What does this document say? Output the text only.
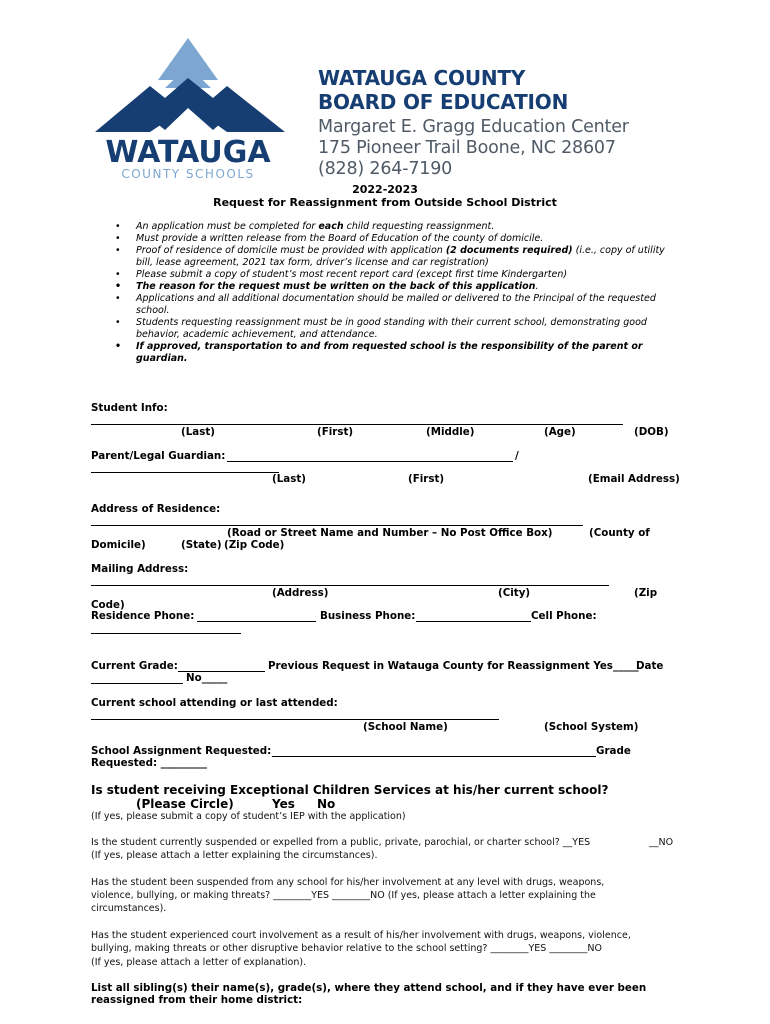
WATAUGA
COUNTY SCHOOLS
WATAUGA COUNTY
BOARD OF EDUCATION
Margaret E. Gragg Education Center
175 Pioneer Trail Boone, NC 28607
(828) 264-7190
2022-2023
Request for Reassignment from Outside School District
• An application must be completed for each child requesting reassignment.
• Must provide a written release from the Board of Education of the county of domicile.
• Proof of residence of domicile must be provided with application (2 documents required) (i.e., copy of utility bill, lease agreement, 2021 tax form, driver’s license and car registration)
• Please submit a copy of student’s most recent report card (except first time Kindergarten)
• The reason for the request must be written on the back of this application.
• Applications and all additional documentation should be mailed or delivered to the Principal of the requested school.
• Students requesting reassignment must be in good standing with their current school, demonstrating good behavior, academic achievement, and attendance.
• If approved, transportation to and from requested school is the responsibility of the parent or guardian.
Student Info:
(Last)	(First)	(Middle)	(Age)	(DOB)
Parent/Legal Guardian:	/
(Last)	(First)	(Email Address)
Address of Residence:
(Road or Street Name and Number – No Post Office Box)	(County of
Domicile)	(State) (Zip Code)
Mailing Address:
(Address)	(City)	(Zip
Code)
Residence Phone:	Business Phone:	Cell Phone:
Current Grade:	Previous Request in Watauga County for Reassignment Yes_____
Date
No_____
Current school attending or last attended:
(School Name)	(School System)
School Assignment Requested:	Grade
Requested: _________
Is student receiving Exceptional Children Services at his/her current school?
(Please Circle)	Yes No
(If yes, please submit a copy of student’s IEP with the application)
Is the student currently suspended or expelled from a public, private, parochial, or charter school? __YES	__NO
(If yes, please attach a letter explaining the circumstances).
Has the student been suspended from any school for his/her involvement at any level with drugs, weapons,
violence, bullying, or making threats? ________YES ________NO (If yes, please attach a letter explaining the
circumstances).
Has the student experienced court involvement as a result of his/her involvement with drugs, weapons, violence,
bullying, making threats or other disruptive behavior relative to the school setting? ________YES ________NO
(If yes, please attach a letter of explanation).
List all sibling(s) their name(s), grade(s), where they attend school, and if they have ever been
reassigned from their home district:
